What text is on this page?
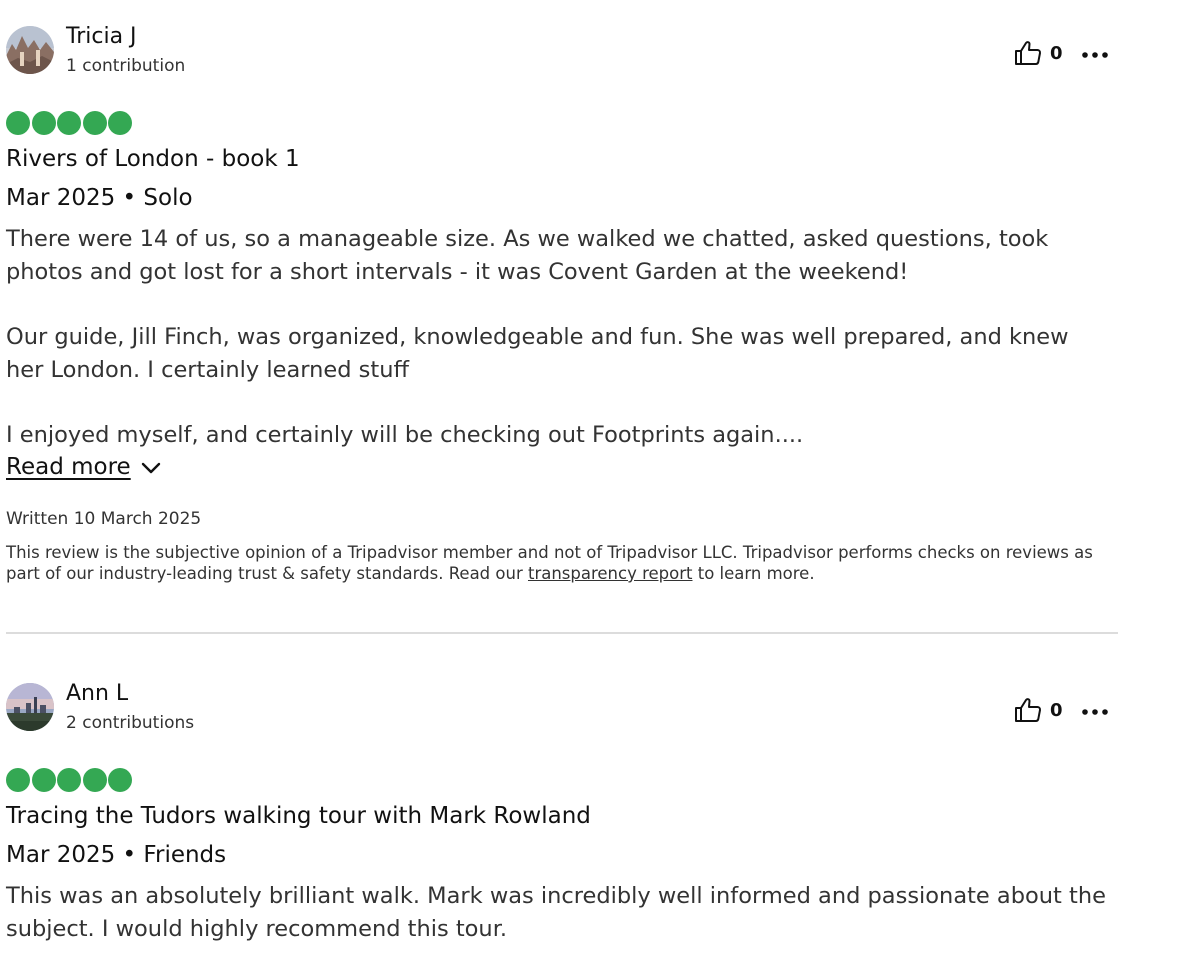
Tricia J
1 contribution
0
Rivers of London - book 1
Mar 2025 • Solo

There were 14 of us, so a manageable size. As we walked we chatted, asked questions, took photos and got lost for a short intervals - it was Covent Garden at the weekend!

Our guide, Jill Finch, was organized, knowledgeable and fun. She was well prepared, and knew her London. I certainly learned stuff

I enjoyed myself, and certainly will be checking out Footprints again....

Read more
Written 10 March 2025
This review is the subjective opinion of a Tripadvisor member and not of Tripadvisor LLC. Tripadvisor performs checks on reviews as part of our industry-leading trust & safety standards. Read our transparency report to learn more.
Ann L
2 contributions
0
Tracing the Tudors walking tour with Mark Rowland
Mar 2025 • Friends

This was an absolutely brilliant walk. Mark was incredibly well informed and passionate about the subject. I would highly recommend this tour.
